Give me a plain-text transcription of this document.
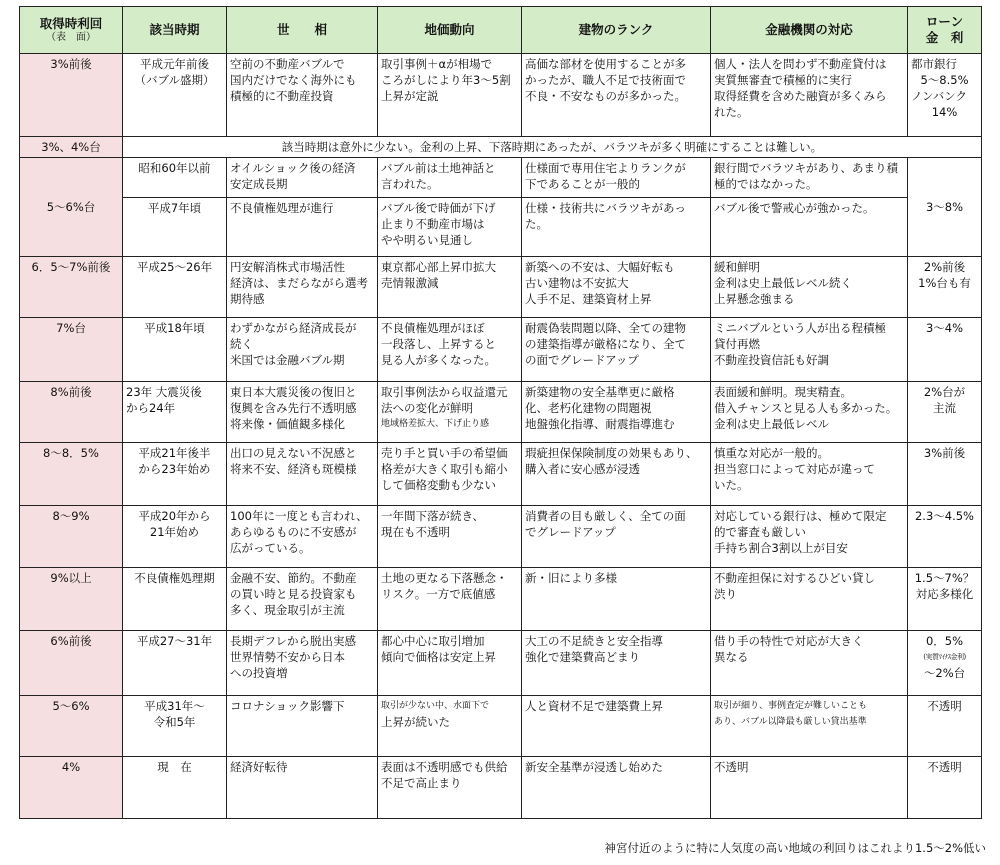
取得時利回
（表　面）	該当時期	世　　相	地価動向	建物のランク	金融機関の対応	ローン
金　利

3%前後	平成元年前後
（バブル盛期）	空前の不動産バブルで
国内だけでなく海外にも
積極的に不動産投資	取引事例＋αが相場で
ころがしにより年3～5割
上昇が定説	高価な部材を使用することが多
かったが、職人不足で技術面で
不良・不安なものが多かった。	個人・法人を問わず不動産貸付は
実質無審査で積極的に実行
取得経費を含めた融資が多くみら
れた。	都市銀行
5～8.5%
ノンバンク
14%

3%、4%台	該当時期は意外に少ない。金利の上昇、下落時期にあったが、バラツキが多く明確にすることは難しい。					
5～6%台	昭和60年以前	オイルショック後の経済
安定成長期	バブル前は土地神話と
言われた。	仕様面で専用住宅よりランクが
下であることが一般的	銀行間でバラツキがあり、あまり積
極的ではなかった。	3～8%
	平成7年頃	不良債権処理が進行	バブル後で時価が下げ
止まり不動産市場は
やや明るい見通し	仕様・技術共にバラツキがあっ
た。	バブル後で警戒心が強かった。	

6．5～7%前後	平成25～26年	円安解消株式市場活性
経済は、まだらながら選考
期待感	東京都心部上昇巾拡大
売情報激減	新築への不安は、大幅好転も
古い建物は不安拡大
人手不足、建築資材上昇	緩和鮮明
金利は史上最低レベル続く
上昇懸念強まる	2%前後
1%台も有

7%台	平成18年頃	わずかながら経済成長が
続く
米国では金融バブル期	不良債権処理がほぼ
一段落し、上昇すると
見る人が多くなった。	耐震偽装問題以降、全ての建物
の建築指導が厳格になり、全て
の面でグレードアップ	ミニバブルという人が出る程積極
貸付再燃
不動産投資信託も好調	3～4%
8%前後	23年 大震災後
から24年	東日本大震災後の復旧と
復興を含み先行不透明感
将来像・価値観多様化	取引事例法から収益還元
法への変化が鮮明
地域格差拡大、下げ止り感	新築建物の安全基準更に厳格
化、老朽化建物の問題視
地盤強化指導、耐震指導進む	表面緩和鮮明。現実精査。
借入チャンスと見る人も多かった。
金利は史上最低レベル	2%台が
主流

8～8．5%	平成21年後半
から23年始め	出口の見えない不況感と
将来不安、経済も斑模様	売り手と買い手の希望価
格差が大きく取引も縮小
して価格変動も少ない	瑕疵担保保険制度の効果もあり、
購入者に安心感が浸透	慎重な対応が一般的。
担当窓口によって対応が違って
いた。	3%前後
8～9%	平成20年から
21年始め	100年に一度とも言われ、
あらゆるものに不安感が
広がっている。	一年間下落が続き、
現在も不透明	消費者の目も厳しく、全ての面
でグレードアップ	対応している銀行は、極めて限定
的で審査も厳しい
手持ち割合3割以上が目安	2.3～4.5%
9%以上	不良債権処理期	金融不安、節約。不動産
の買い時と見る投資家も
多く、現金取引が主流	土地の更なる下落懸念・
リスク。一方で底値感	新・旧により多様	不動産担保に対するひどい貸し
渋り	1.5～7%？
対応多様化

6%前後	平成27～31年	長期デフレから脱出実感
世界情勢不安から日本
への投資増	都心中心に取引増加
傾向で価格は安定上昇	大工の不足続きと安全指導
強化で建築費高どまり	借り手の特性で対応が大きく
異なる	0．5%
(実質ﾏｲﾅｽ金利)
～2%台

5～6%	平成31年～
令和5年	コロナショック影響下	取引が少ない中、水面下で
上昇が続いた	人と資材不足で建築費上昇	取引が細り、事例査定が難しいことも
あり、バブル以降最も厳しい貸出基準	不透明
4%	現　在	経済好転待	表面は不透明感でも供給
不足で高止まり	新安全基準が浸透し始めた	不透明	不透明
神宮付近のように特に人気度の高い地域の利回りはこれより1.5～2%低い
